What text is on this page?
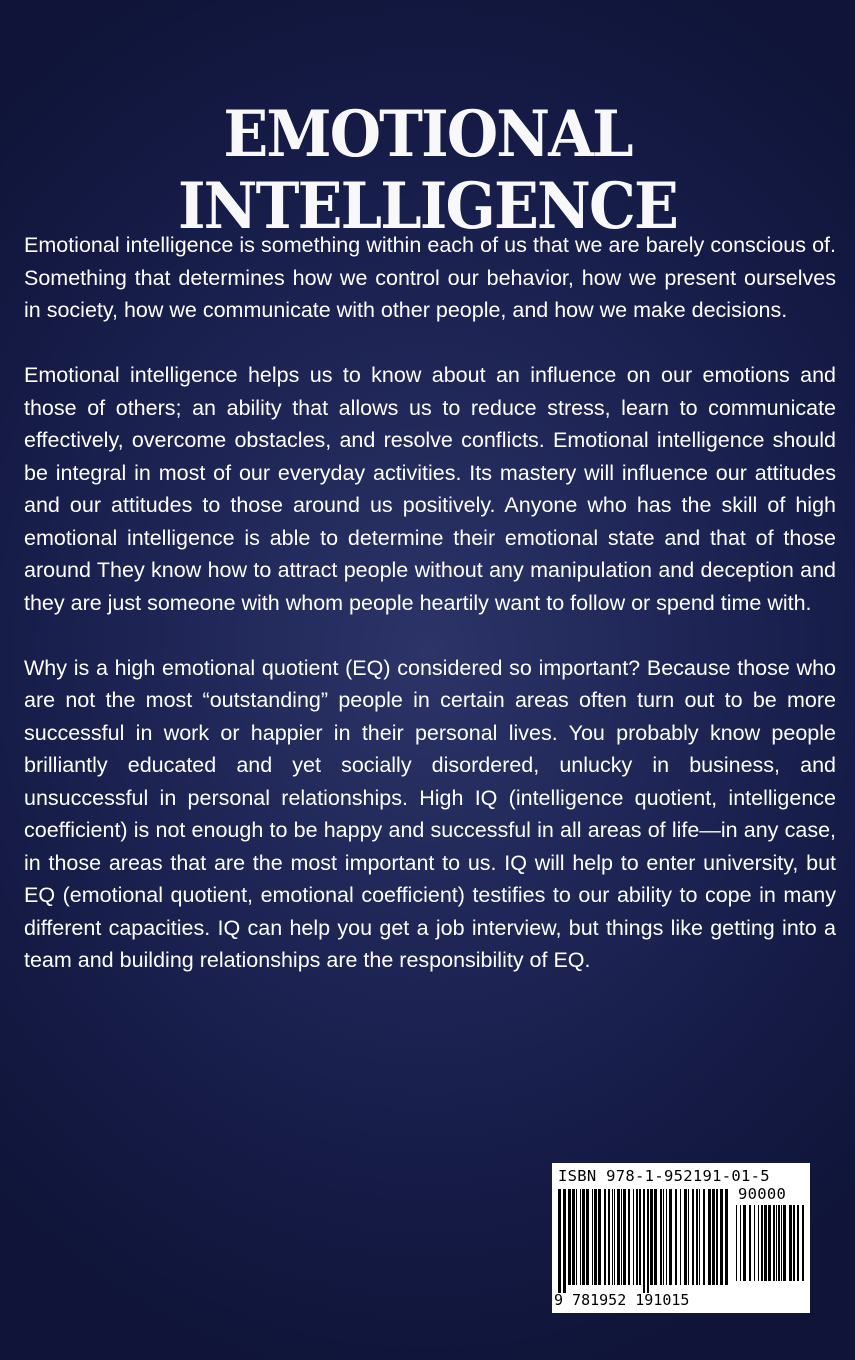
EMOTIONAL
INTELLIGENCE

Emotional intelligence is something within each of us that we are barely conscious of. Something that determines how we control our behavior, how we present ourselves in society, how we communicate with other people, and how we make decisions.

Emotional intelligence helps us to know about an influence on our emotions and those of others; an ability that allows us to reduce stress, learn to communicate effectively, overcome obstacles, and resolve conflicts. Emotional intelligence should be integral in most of our everyday activities. Its mastery will influence our attitudes and our attitudes to those around us positively. Anyone who has the skill of high emotional intelligence is able to determine their emotional state and that of those around They know how to attract people without any manipulation and deception and they are just someone with whom people heartily want to follow or spend time with.

Why is a high emotional quotient (EQ) considered so important? Because those who are not the most “outstanding” people in certain areas often turn out to be more successful in work or happier in their personal lives. You probably know people brilliantly educated and yet socially disordered, unlucky in business, and unsuccessful in personal relationships. High IQ (intelligence quotient, intelligence coefficient) is not enough to be happy and successful in all areas of life—in any case, in those areas that are the most important to us. IQ will help to enter university, but EQ (emotional quotient, emotional coefficient) testifies to our ability to cope in many different capacities. IQ can help you get a job interview, but things like getting into a team and building relationships are the responsibility of EQ.

ISBN 978-1-952191-01-5
90000
9 781952 191015
